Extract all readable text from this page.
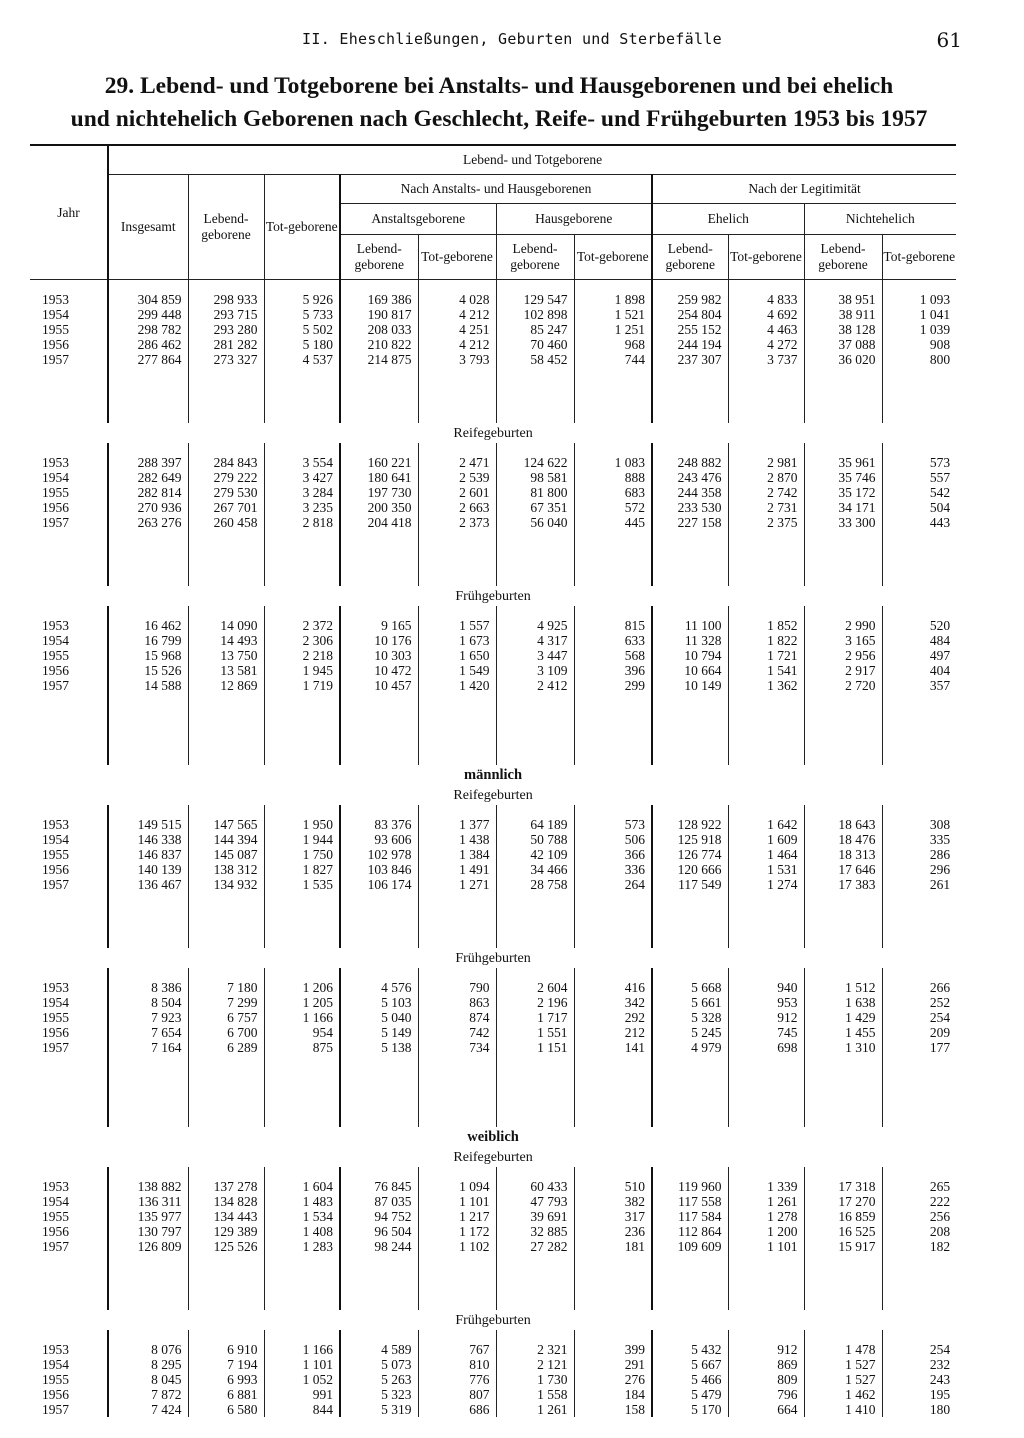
II. Eheschließungen, Geburten und Sterbefälle	61
29. Lebend- und Totgeborene bei Anstalts- und Hausgeborenen und bei ehelich
und nichtehelich Geborenen nach Geschlecht, Reife- und Frühgeburten 1953 bis 1957
Jahr	Lebend- und Totgeborene										
	Insgesamt	Lebend-geborene	Tot-geborene	Nach Anstalts- und Hausgeborenen				Nach der Legitimität			
				Anstaltsgeborene		Hausgeborene		Ehelich		Nichtehelich	
				Lebend-geborene	Tot-geborene	Lebend-geborene	Tot-geborene	Lebend-geborene	Tot-geborene	Lebend-geborene	Tot-geborene

1953	304 859	298 933	5 926	169 386	4 028	129 547	1 898	259 982	4 833	38 951	1 093
1954	299 448	293 715	5 733	190 817	4 212	102 898	1 521	254 804	4 692	38 911	1 041
1955	298 782	293 280	5 502	208 033	4 251	85 247	1 251	255 152	4 463	38 128	1 039
1956	286 462	281 282	5 180	210 822	4 212	70 460	968	244 194	4 272	37 088	908
1957	277 864	273 327	4 537	214 875	3 793	58 452	744	237 307	3 737	36 020	800

Reifegeburten											

1953	288 397	284 843	3 554	160 221	2 471	124 622	1 083	248 882	2 981	35 961	573
1954	282 649	279 222	3 427	180 641	2 539	98 581	888	243 476	2 870	35 746	557
1955	282 814	279 530	3 284	197 730	2 601	81 800	683	244 358	2 742	35 172	542
1956	270 936	267 701	3 235	200 350	2 663	67 351	572	233 530	2 731	34 171	504
1957	263 276	260 458	2 818	204 418	2 373	56 040	445	227 158	2 375	33 300	443

Frühgeburten											

1953	16 462	14 090	2 372	9 165	1 557	4 925	815	11 100	1 852	2 990	520
1954	16 799	14 493	2 306	10 176	1 673	4 317	633	11 328	1 822	3 165	484
1955	15 968	13 750	2 218	10 303	1 650	3 447	568	10 794	1 721	2 956	497
1956	15 526	13 581	1 945	10 472	1 549	3 109	396	10 664	1 541	2 917	404
1957	14 588	12 869	1 719	10 457	1 420	2 412	299	10 149	1 362	2 720	357

männlich											
Reifegeburten											

1953	149 515	147 565	1 950	83 376	1 377	64 189	573	128 922	1 642	18 643	308
1954	146 338	144 394	1 944	93 606	1 438	50 788	506	125 918	1 609	18 476	335
1955	146 837	145 087	1 750	102 978	1 384	42 109	366	126 774	1 464	18 313	286
1956	140 139	138 312	1 827	103 846	1 491	34 466	336	120 666	1 531	17 646	296
1957	136 467	134 932	1 535	106 174	1 271	28 758	264	117 549	1 274	17 383	261

Frühgeburten											

1953	8 386	7 180	1 206	4 576	790	2 604	416	5 668	940	1 512	266
1954	8 504	7 299	1 205	5 103	863	2 196	342	5 661	953	1 638	252
1955	7 923	6 757	1 166	5 040	874	1 717	292	5 328	912	1 429	254
1956	7 654	6 700	954	5 149	742	1 551	212	5 245	745	1 455	209
1957	7 164	6 289	875	5 138	734	1 151	141	4 979	698	1 310	177

weiblich											
Reifegeburten											

1953	138 882	137 278	1 604	76 845	1 094	60 433	510	119 960	1 339	17 318	265
1954	136 311	134 828	1 483	87 035	1 101	47 793	382	117 558	1 261	17 270	222
1955	135 977	134 443	1 534	94 752	1 217	39 691	317	117 584	1 278	16 859	256
1956	130 797	129 389	1 408	96 504	1 172	32 885	236	112 864	1 200	16 525	208
1957	126 809	125 526	1 283	98 244	1 102	27 282	181	109 609	1 101	15 917	182

Frühgeburten											

1953	8 076	6 910	1 166	4 589	767	2 321	399	5 432	912	1 478	254
1954	8 295	7 194	1 101	5 073	810	2 121	291	5 667	869	1 527	232
1955	8 045	6 993	1 052	5 263	776	1 730	276	5 466	809	1 527	243
1956	7 872	6 881	991	5 323	807	1 558	184	5 479	796	1 462	195
1957	7 424	6 580	844	5 319	686	1 261	158	5 170	664	1 410	180
